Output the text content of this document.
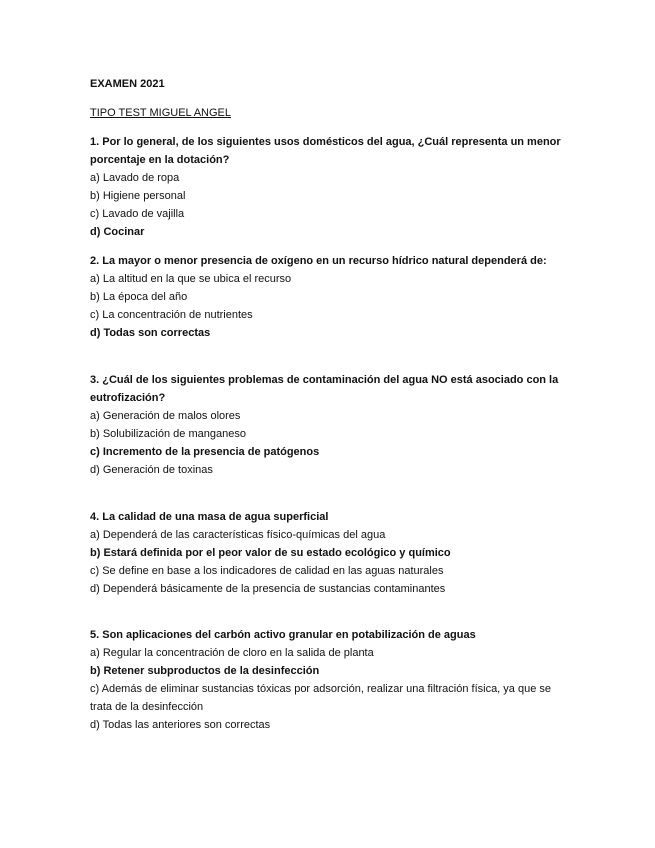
EXAMEN 2021
TIPO TEST MIGUEL ANGEL
1. Por lo general, de los siguientes usos domésticos del agua, ¿Cuál representa un menor porcentaje en la dotación?
a) Lavado de ropa
b) Higiene personal
c) Lavado de vajilla
d) Cocinar
2. La mayor o menor presencia de oxígeno en un recurso hídrico natural dependerá de:
a) La altitud en la que se ubica el recurso
b) La época del año
c) La concentración de nutrientes
d) Todas son correctas
3. ¿Cuál de los siguientes problemas de contaminación del agua NO está asociado con la eutrofización?
a) Generación de malos olores
b) Solubilización de manganeso
c) Incremento de la presencia de patógenos
d) Generación de toxinas
4. La calidad de una masa de agua superficial
a) Dependerá de las características físico-químicas del agua
b) Estará definida por el peor valor de su estado ecológico y químico
c) Se define en base a los indicadores de calidad en las aguas naturales
d) Dependerá básicamente de la presencia de sustancias contaminantes
5. Son aplicaciones del carbón activo granular en potabilización de aguas
a) Regular la concentración de cloro en la salida de planta
b) Retener subproductos de la desinfección
c) Además de eliminar sustancias tóxicas por adsorción, realizar una filtración física, ya que se trata de la desinfección
d) Todas las anteriores son correctas
